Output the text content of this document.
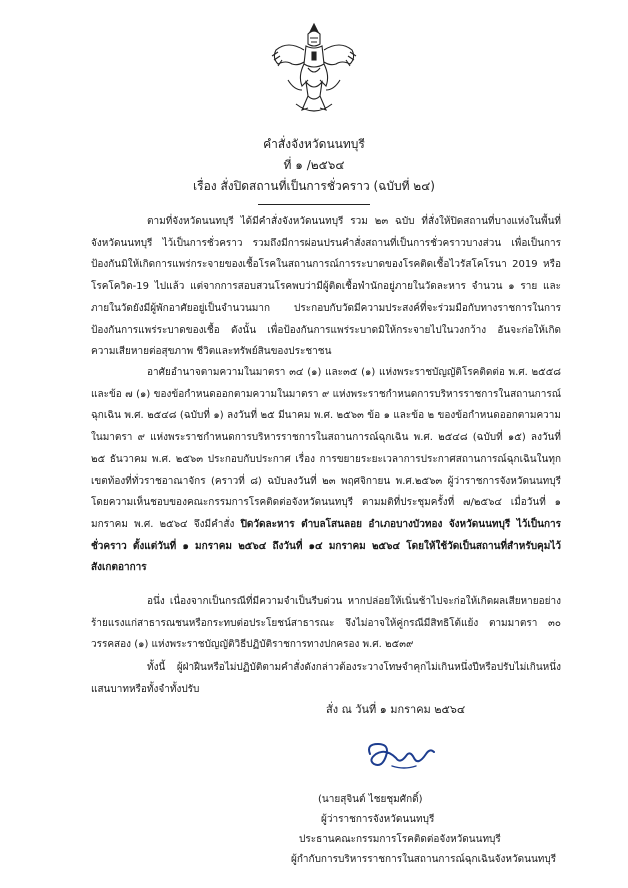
คำสั่งจังหวัดนนทบุรี
ที่ ๑ /๒๕๖๔
เรื่อง สั่งปิดสถานที่เป็นการชั่วคราว (ฉบับที่ ๒๔)
ตามที่จังหวัดนนทบุรี ได้มีคำสั่งจังหวัดนนทบุรี รวม ๒๓ ฉบับ ที่สั่งให้ปิดสถานที่บางแห่งในพื้นที่จังหวัดนนทบุรี ไว้เป็นการชั่วคราว รวมถึงมีการผ่อนปรนคำสั่งสถานที่เป็นการชั่วคราวบางส่วน เพื่อเป็นการป้องกันมิให้เกิดการแพร่กระจายของเชื้อโรคในสถานการณ์การระบาดของโรคติดเชื้อไวรัสโคโรนา 2019 หรือโรคโควิด-19 ไปแล้ว แต่จากการสอบสวนโรคพบว่ามีผู้ติดเชื้อพำนักอยู่ภายในวัดละหาร จำนวน ๑ ราย และภายในวัดยังมีผู้พักอาศัยอยู่เป็นจำนวนมาก ประกอบกับวัดมีความประสงค์ที่จะร่วมมือกับทางราชการในการป้องกันการแพร่ระบาดของเชื้อ ดังนั้น เพื่อป้องกันการแพร่ระบาดมิให้กระจายไปในวงกว้าง อันจะก่อให้เกิดความเสียหายต่อสุขภาพ ชีวิตและทรัพย์สินของประชาชน
อาศัยอำนาจตามความในมาตรา ๓๔ (๑) และ๓๕ (๑) แห่งพระราชบัญญัติโรคติดต่อ พ.ศ. ๒๕๕๘ และข้อ ๗ (๑) ของข้อกำหนดออกตามความในมาตรา ๙ แห่งพระราชกำหนดการบริหารราชการในสถานการณ์ฉุกเฉิน พ.ศ. ๒๕๔๘ (ฉบับที่ ๑) ลงวันที่ ๒๕ มีนาคม พ.ศ. ๒๕๖๓ ข้อ ๑ และข้อ ๒ ของข้อกำหนดออกตามความในมาตรา ๙ แห่งพระราชกำหนดการบริหารราชการในสถานการณ์ฉุกเฉิน พ.ศ. ๒๕๔๘ (ฉบับที่ ๑๕) ลงวันที่ ๒๕ ธันวาคม พ.ศ. ๒๕๖๓ ประกอบกับประกาศ เรื่อง การขยายระยะเวลาการประกาศสถานการณ์ฉุกเฉินในทุกเขตท้องที่ทั่วราชอาณาจักร (คราวที่ ๘) ฉบับลงวันที่ ๒๓ พฤศจิกายน พ.ศ.๒๕๖๓ ผู้ว่าราชการจังหวัดนนทบุรี โดยความเห็นชอบของคณะกรรมการโรคติดต่อจังหวัดนนทบุรี ตามมติที่ประชุมครั้งที่ ๗/๒๕๖๔ เมื่อวันที่ ๑ มกราคม พ.ศ. ๒๕๖๔ จึงมีคำสั่ง ปิดวัดละหาร ตำบลโสนลอย อำเภอบางบัวทอง จังหวัดนนทบุรี ไว้เป็นการชั่วคราว ตั้งแต่วันที่ ๑ มกราคม ๒๕๖๔ ถึงวันที่ ๑๔ มกราคม ๒๕๖๔ โดยให้ใช้วัดเป็นสถานที่สำหรับคุมไว้สังเกตอาการ
อนึ่ง เนื่องจากเป็นกรณีที่มีความจำเป็นรีบด่วน หากปล่อยให้เนิ่นช้าไปจะก่อให้เกิดผลเสียหายอย่างร้ายแรงแก่สาธารณชนหรือกระทบต่อประโยชน์สาธารณะ จึงไม่อาจให้คู่กรณีมีสิทธิโต้แย้ง ตามมาตรา ๓๐ วรรคสอง (๑) แห่งพระราชบัญญัติวิธีปฏิบัติราชการทางปกครอง พ.ศ. ๒๕๓๙
ทั้งนี้ ผู้ฝ่าฝืนหรือไม่ปฏิบัติตามคำสั่งดังกล่าวต้องระวางโทษจำคุกไม่เกินหนึ่งปีหรือปรับไม่เกินหนึ่งแสนบาทหรือทั้งจำทั้งปรับ
สั่ง ณ วันที่ ๑ มกราคม ๒๕๖๔
(นายสุจินต์ ไชยชุมศักดิ์)
ผู้ว่าราชการจังหวัดนนทบุรี
ประธานคณะกรรมการโรคติดต่อจังหวัดนนทบุรี
ผู้กำกับการบริหารราชการในสถานการณ์ฉุกเฉินจังหวัดนนทบุรี
